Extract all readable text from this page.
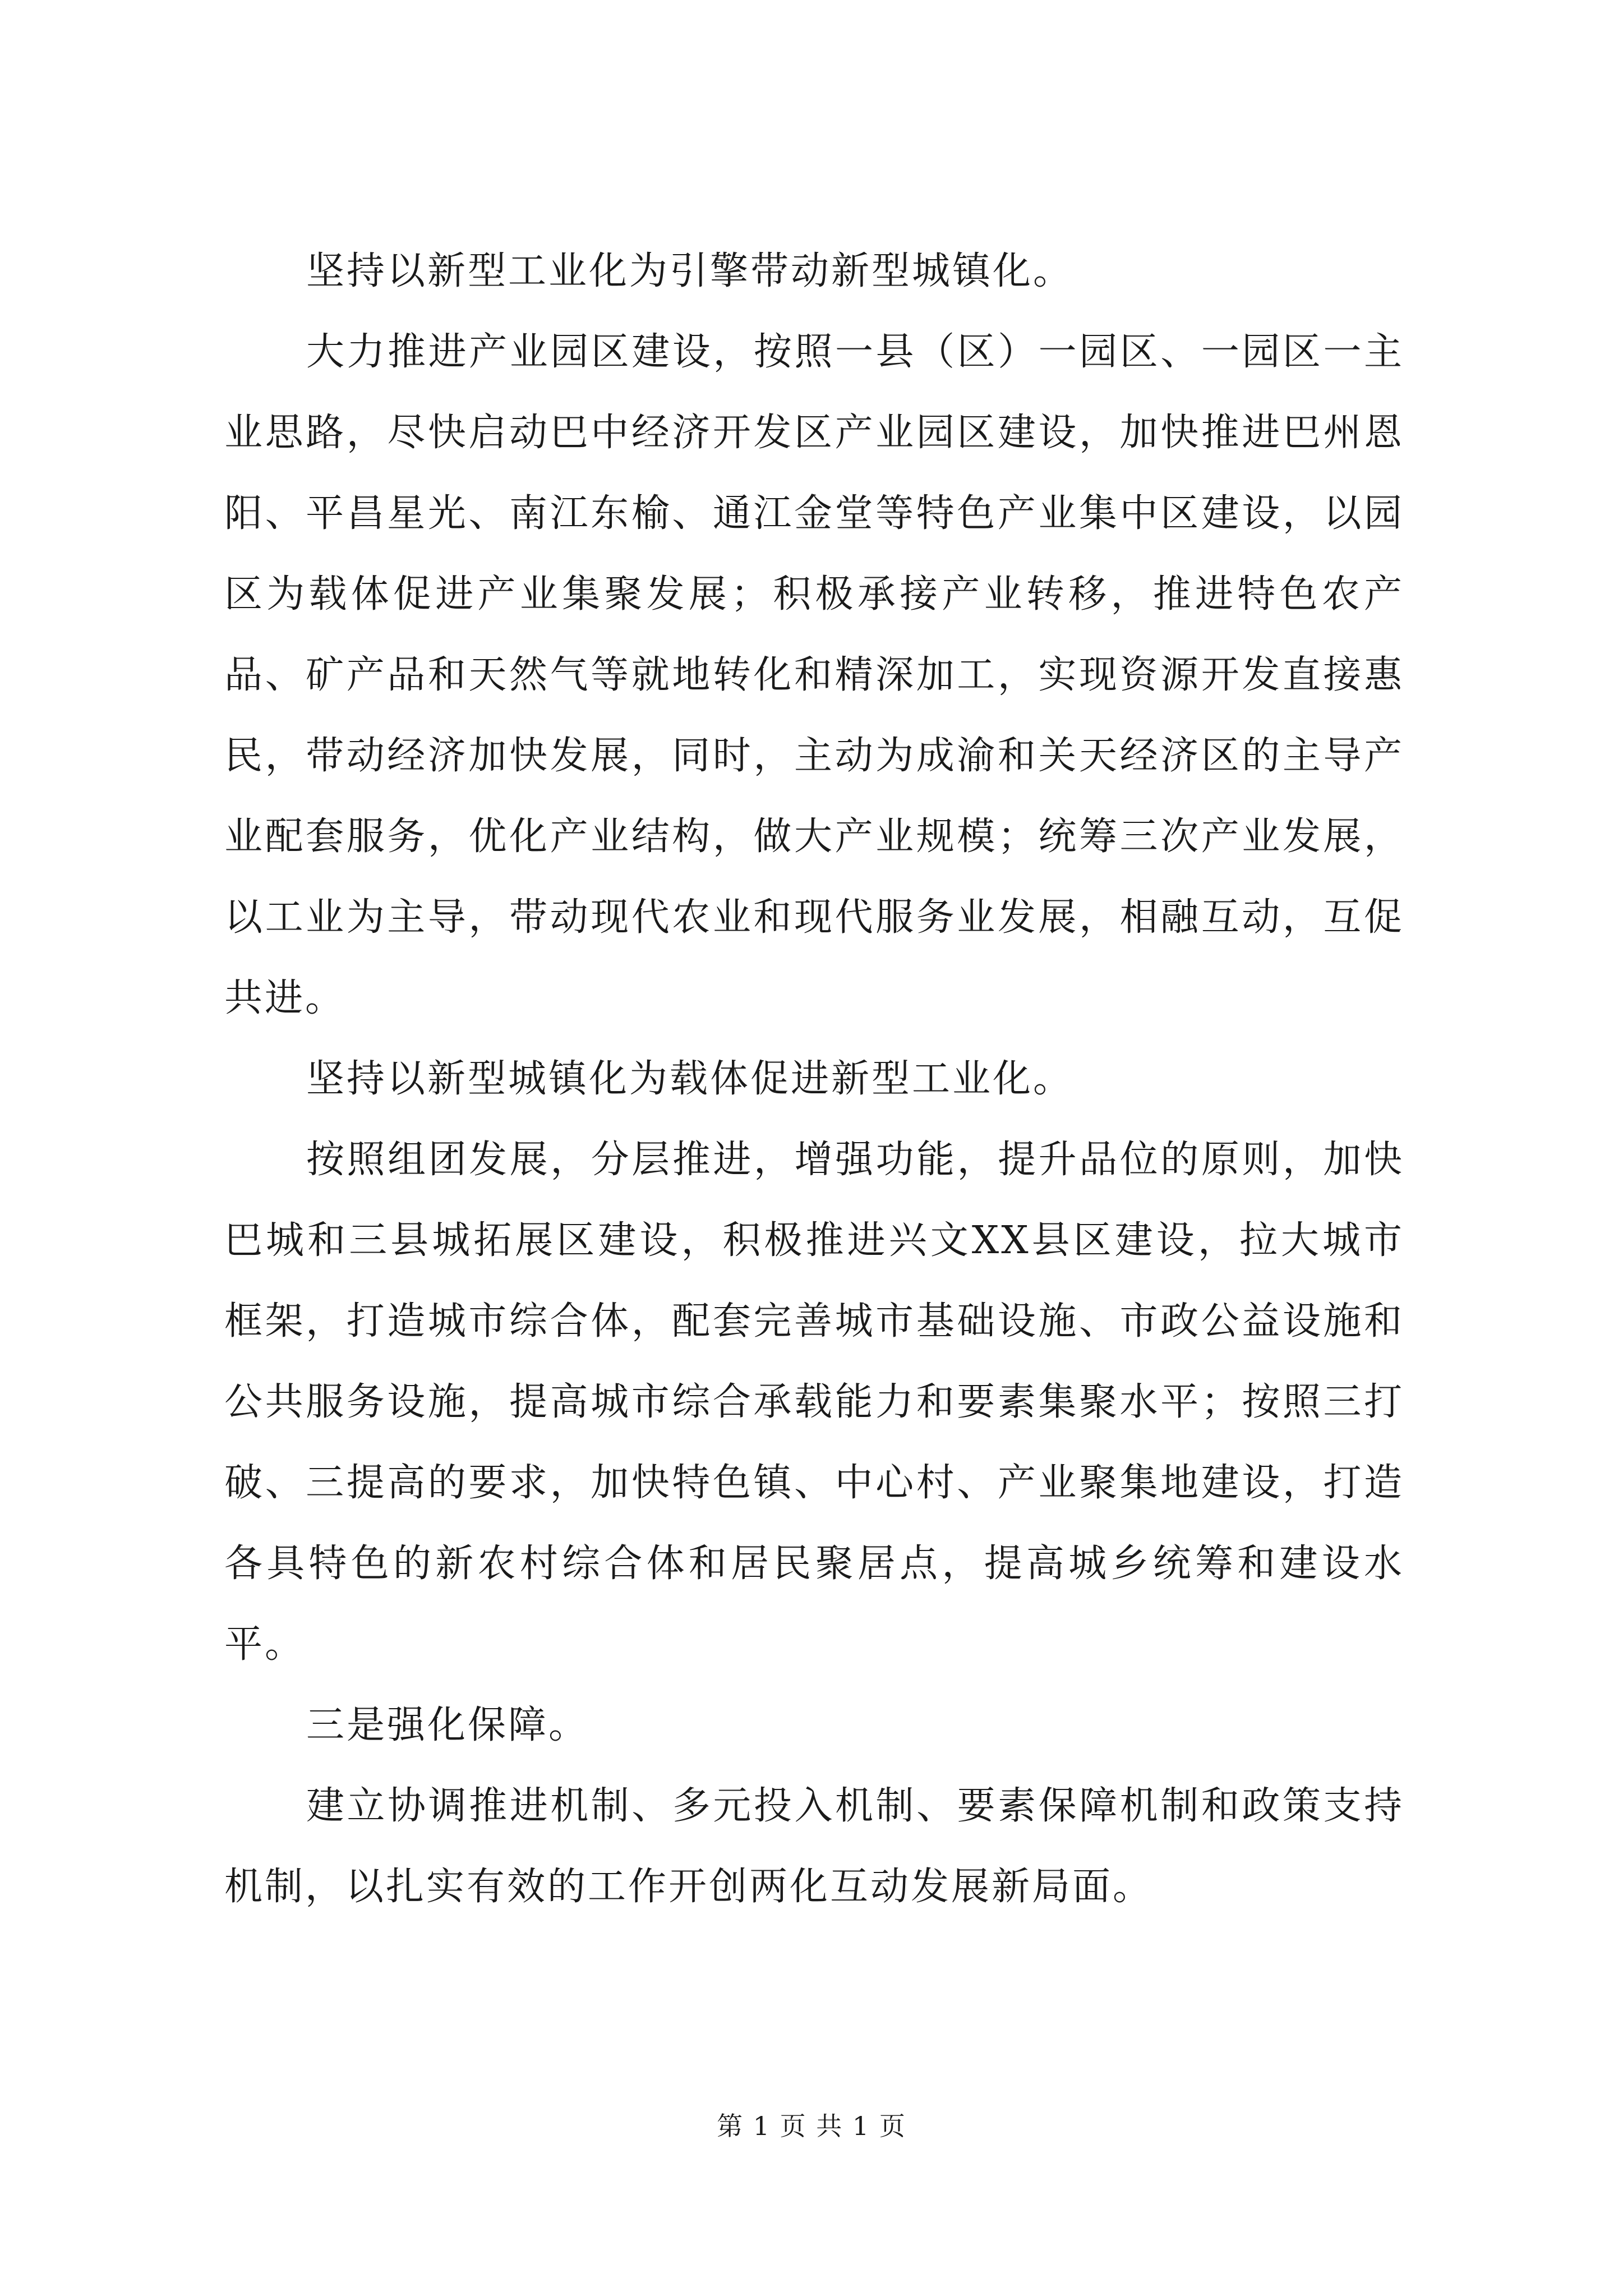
坚持以新型工业化为引擎带动新型城镇化。

大力推进产业园区建设，按照一县（区）一园区、一园区一主业思路，尽快启动巴中经济开发区产业园区建设，加快推进巴州恩阳、平昌星光、南江东榆、通江金堂等特色产业集中区建设，以园区为载体促进产业集聚发展；积极承接产业转移，推进特色农产品、矿产品和天然气等就地转化和精深加工，实现资源开发直接惠民，带动经济加快发展，同时，主动为成渝和关天经济区的主导产业配套服务，优化产业结构，做大产业规模；统筹三次产业发展，以工业为主导，带动现代农业和现代服务业发展，相融互动，互促共进。

坚持以新型城镇化为载体促进新型工业化。

按照组团发展，分层推进，增强功能，提升品位的原则，加快巴城和三县城拓展区建设，积极推进兴文XX县区建设，拉大城市框架，打造城市综合体，配套完善城市基础设施、市政公益设施和公共服务设施，提高城市综合承载能力和要素集聚水平；按照三打破、三提高的要求，加快特色镇、中心村、产业聚集地建设，打造各具特色的新农村综合体和居民聚居点，提高城乡统筹和建设水平。

三是强化保障。

建立协调推进机制、多元投入机制、要素保障机制和政策支持机制，以扎实有效的工作开创两化互动发展新局面。

第 1 页 共 1 页
